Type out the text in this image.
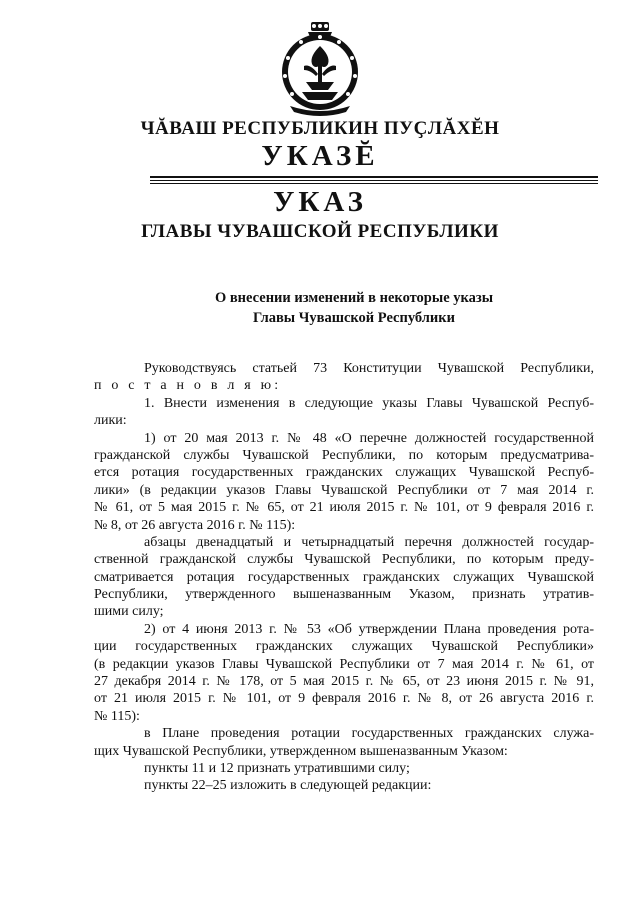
ЧĂВАШ РЕСПУБЛИКИН ПУҪЛĂХĔН
УКАЗĔ
УКАЗ
ГЛАВЫ ЧУВАШСКОЙ РЕСПУБЛИКИ
О внесении изменений в некоторые указы
Главы Чувашской Республики
Руководствуясь статьей 73 Конституции Чувашской Республики,
п о с т а н о в л я ю:
1. Внести изменения в следующие указы Главы Чувашской Респуб-
лики:
1) от 20 мая 2013 г. № 48 «О перечне должностей государственной
гражданской службы Чувашской Республики, по которым предусматрива-
ется ротация государственных гражданских служащих Чувашской Респуб-
лики» (в редакции указов Главы Чувашской Республики от 7 мая 2014 г.
№ 61, от 5 мая 2015 г. № 65, от 21 июля 2015 г. № 101, от 9 февраля 2016 г.
№ 8, от 26 августа 2016 г. № 115):
абзацы двенадцатый и четырнадцатый перечня должностей государ-
ственной гражданской службы Чувашской Республики, по которым преду-
сматривается ротация государственных гражданских служащих Чувашской
Республики, утвержденного вышеназванным Указом, признать утратив-
шими силу;
2) от 4 июня 2013 г. № 53 «Об утверждении Плана проведения рота-
ции государственных гражданских служащих Чувашской Республики»
(в редакции указов Главы Чувашской Республики от 7 мая 2014 г. № 61, от
27 декабря 2014 г. № 178, от 5 мая 2015 г. № 65, от 23 июня 2015 г. № 91,
от 21 июля 2015 г. № 101, от 9 февраля 2016 г. № 8, от 26 августа 2016 г.
№ 115):
в Плане проведения ротации государственных гражданских служа-
щих Чувашской Республики, утвержденном вышеназванным Указом:
пункты 11 и 12 признать утратившими силу;
пункты 22–25 изложить в следующей редакции:
